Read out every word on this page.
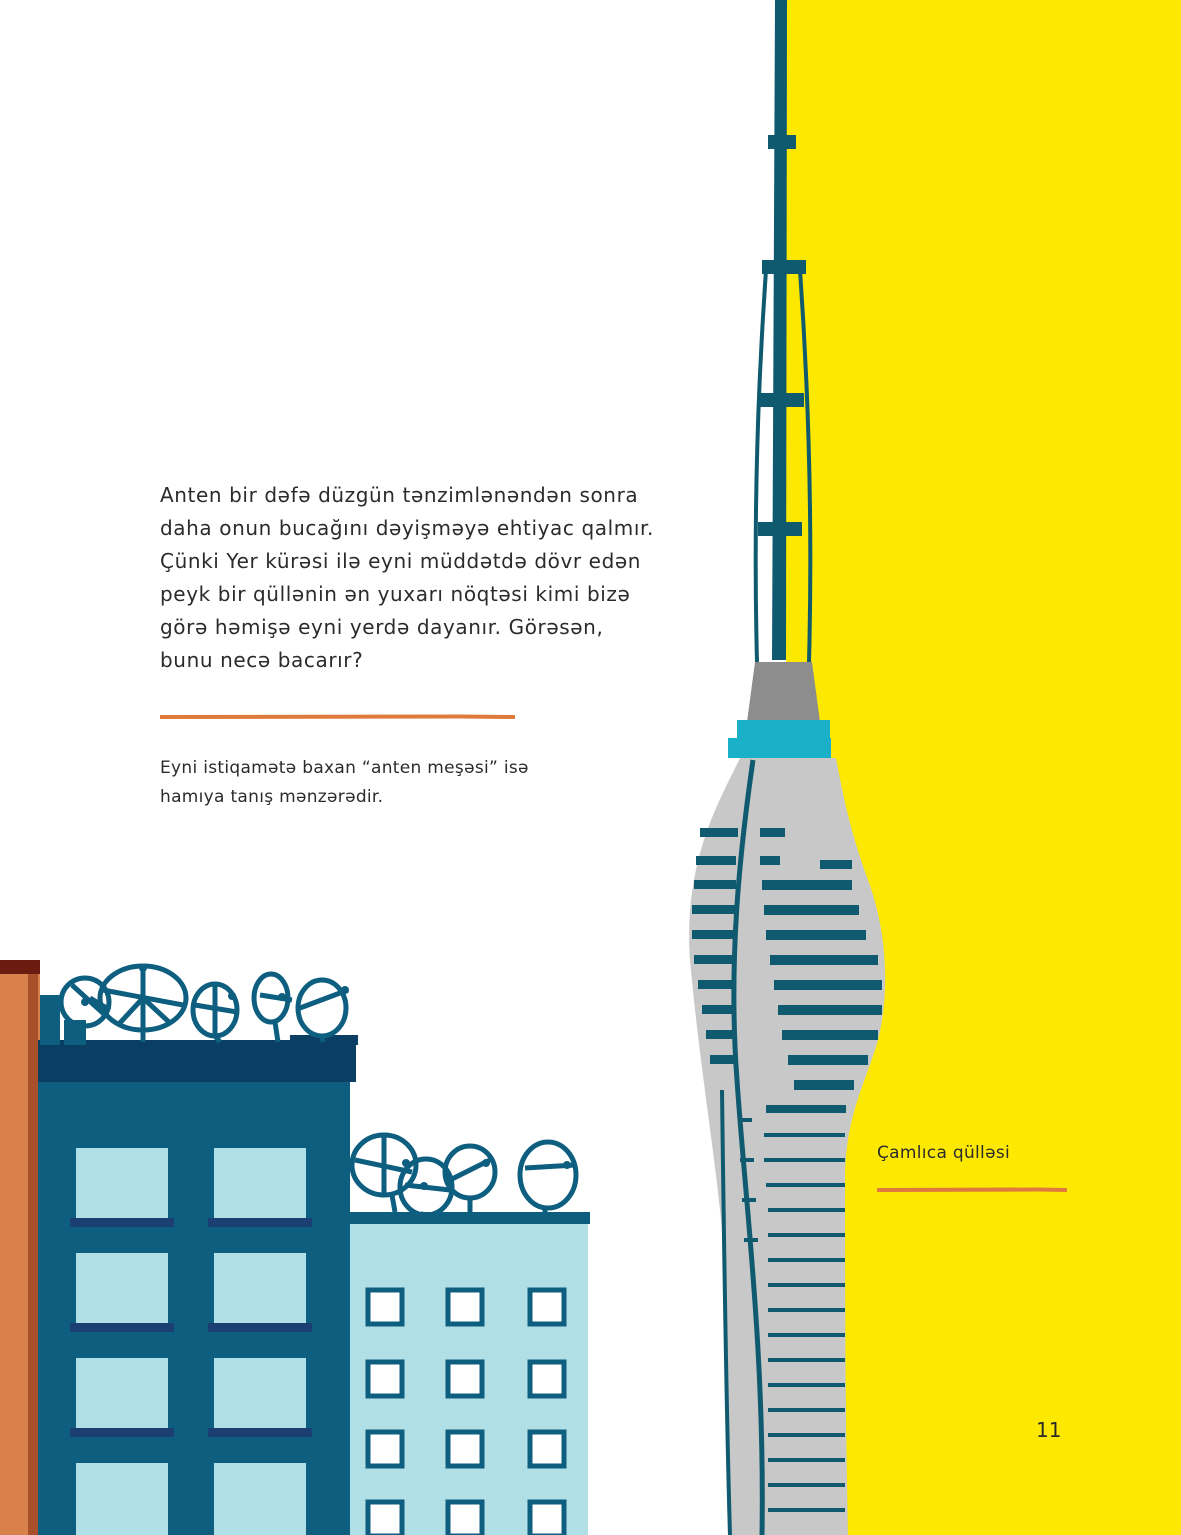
Anten bir dəfə düzgün tənzimlənəndən sonra
daha onun bucağını dəyişməyə ehtiyac qalmır.
Çünki Yer kürəsi ilə eyni müddətdə dövr edən
peyk bir qüllənin ən yuxarı nöqtəsi kimi bizə
görə həmişə eyni yerdə dayanır. Görəsən,
bunu necə bacarır?

Eyni istiqamətə baxan “anten meşəsi” isə
hamıya tanış mənzərədir.

Çamlıca qülləsi
11
